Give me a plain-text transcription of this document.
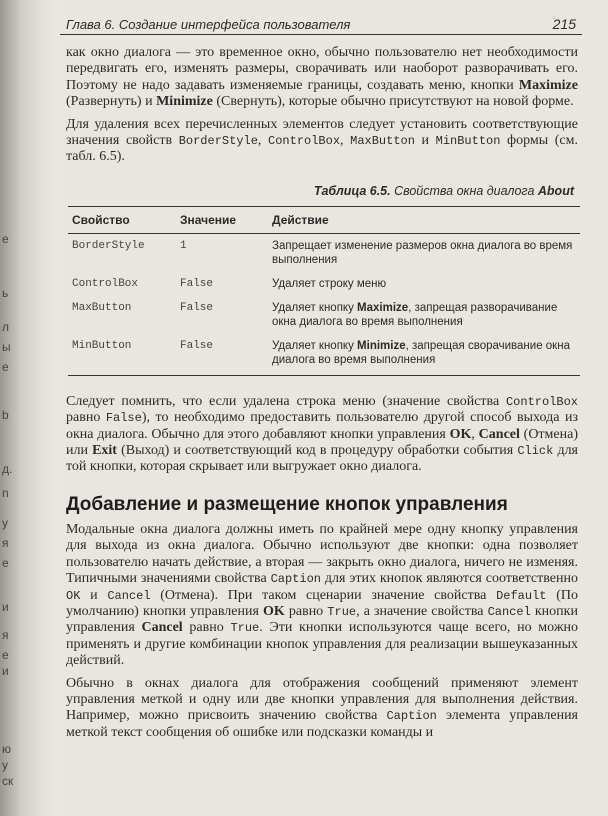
е
ь
л
ы
е
b
д.
n
у
я
е
и
я
е
и
ю
у
ск
Глава 6. Создание интерфейса пользователя	215

как окно диалога — это временное окно, обычно пользователю нет необходимости передвигать его, изменять размеры, сворачивать или наоборот разворачивать его. Поэтому не надо задавать изменяемые границы, создавать меню, кнопки Maximize (Развернуть) и Minimize (Свернуть), которые обычно присутствуют на новой форме.

Для удаления всех перечисленных элементов следует установить соответствующие значения свойств BorderStyle, ControlBox, MaxButton и MinButton формы (см. табл. 6.5).

Таблица 6.5. Свойства окна диалога About
Свойство	Значение	Действие
BorderStyle	1	Запрещает изменение размеров окна диалога во время выполнения
ControlBox	False	Удаляет строку меню
MaxButton	False	Удаляет кнопку Maximize, запрещая разворачивание окна диалога во время выполнения
MinButton	False	Удаляет кнопку Minimize, запрещая сворачивание окна диалога во время выполнения

Следует помнить, что если удалена строка меню (значение свойства ControlBox равно False), то необходимо предоставить пользователю другой способ выхода из окна диалога. Обычно для этого добавляют кнопки управления OK, Cancel (Отмена) или Exit (Выход) и соответствующий код в процедуру обработки события Click для той кнопки, которая скрывает или выгружает окно диалога.

Добавление и размещение кнопок управления

Модальные окна диалога должны иметь по крайней мере одну кнопку управления для выхода из окна диалога. Обычно используют две кнопки: одна позволяет пользователю начать действие, а вторая — закрыть окно диалога, ничего не изменяя. Типичными значениями свойства Caption для этих кнопок являются соответственно OK и Cancel (Отмена). При таком сценарии значение свойства Default (По умолчанию) кнопки управления OK равно True, а значение свойства Cancel кнопки управления Cancel равно True. Эти кнопки используются чаще всего, но можно применять и другие комбинации кнопок управления для реализации вышеуказанных действий.

Обычно в окнах диалога для отображения сообщений применяют элемент управления меткой и одну или две кнопки управления для выполнения действия. Например, можно присвоить значению свойства Caption элемента управления меткой текст сообщения об ошибке или подсказки команды и
